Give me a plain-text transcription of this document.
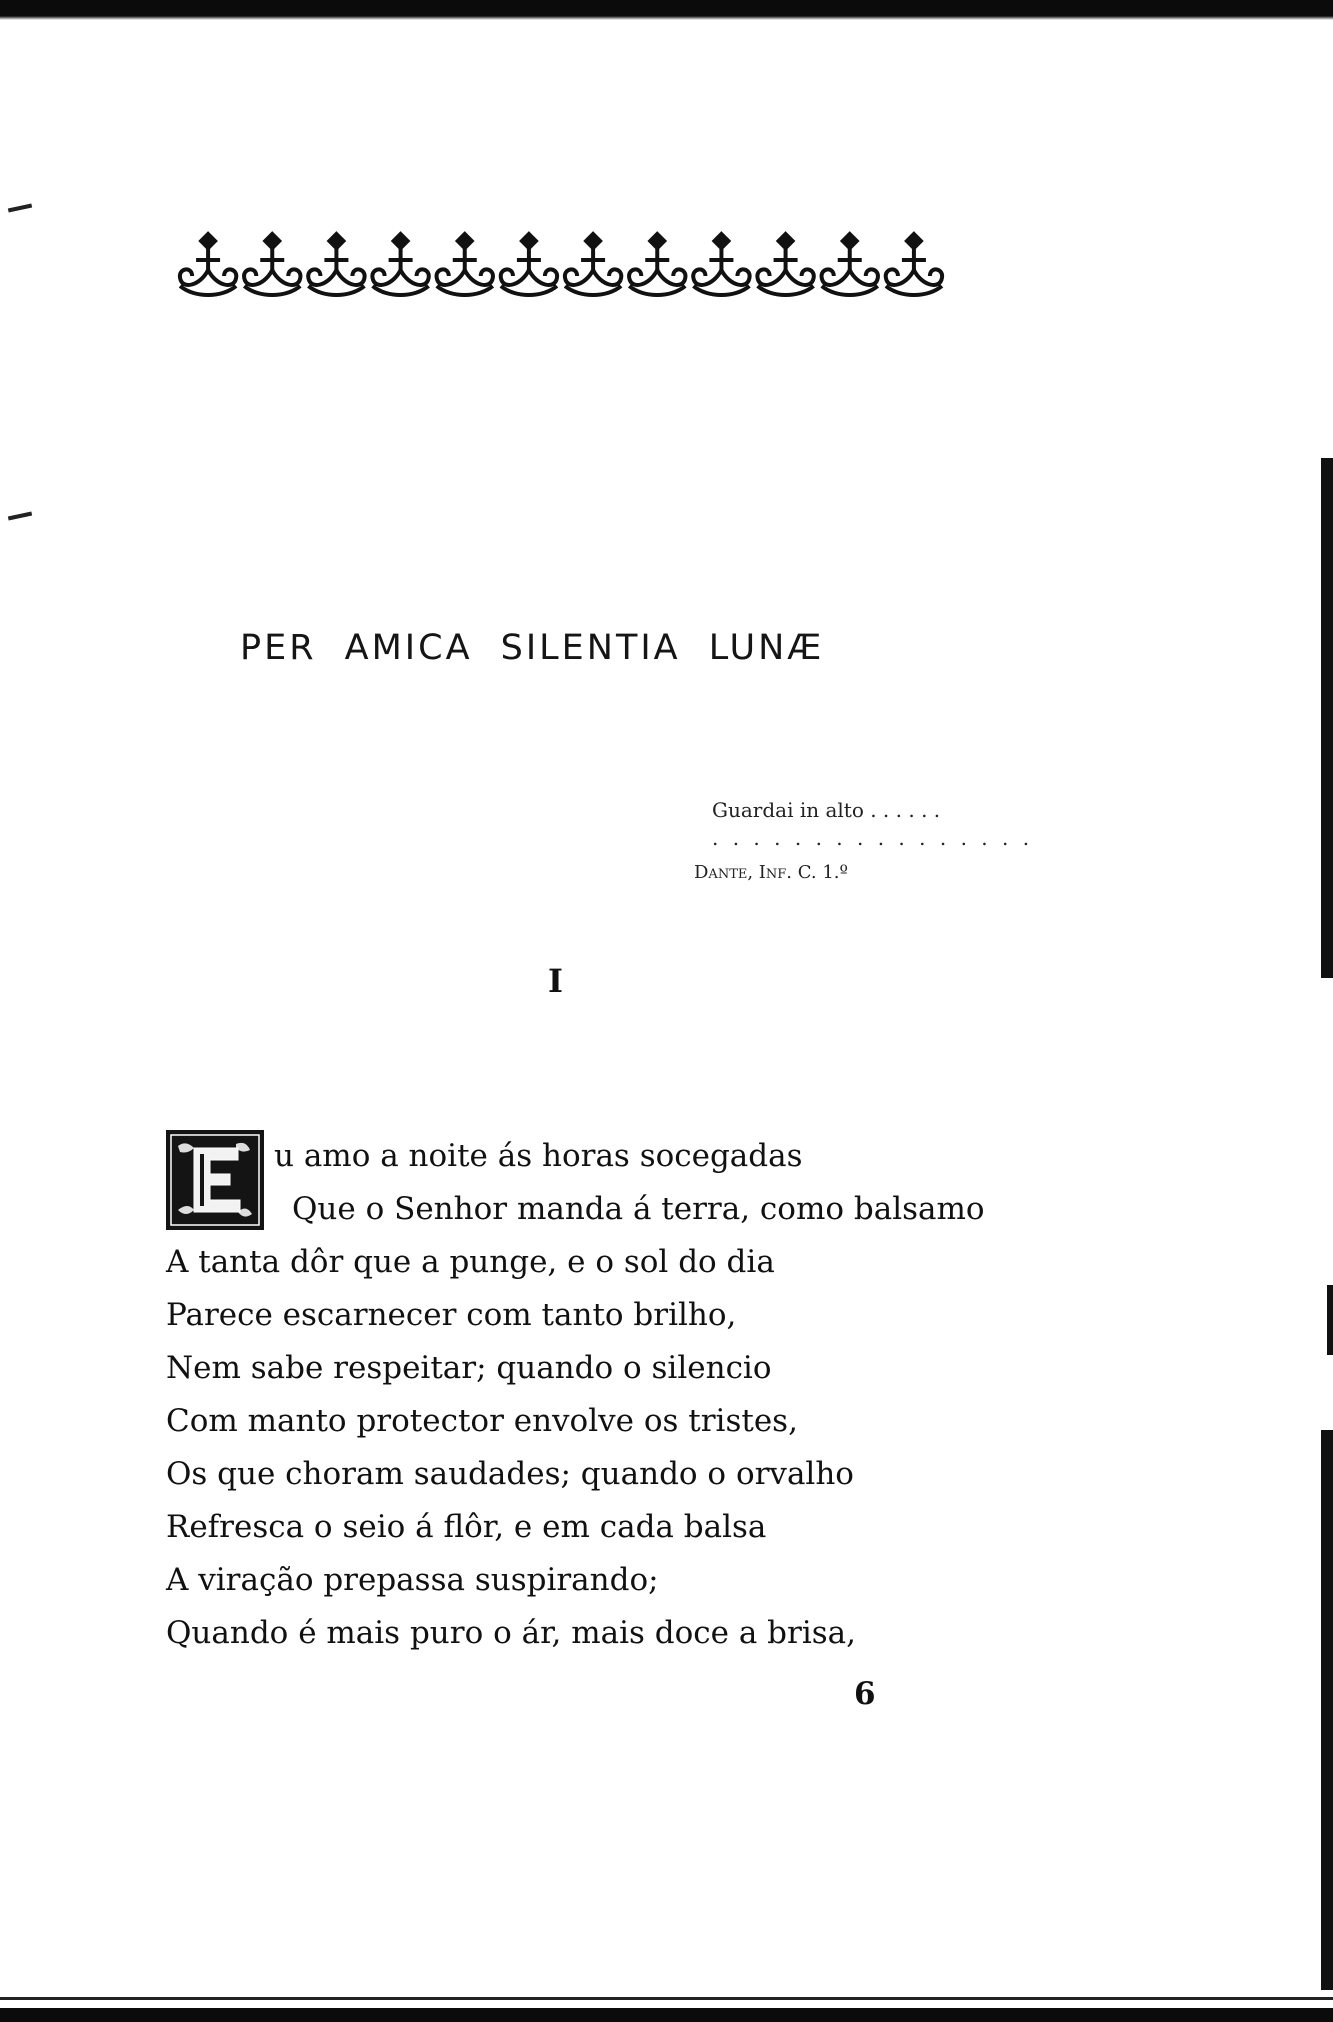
PER AMICA SILENTIA LUNÆ
Guardai in alto . . . . . .
. . . . . . . . . . . . . . . .
Dante, Inf. C. 1.º
I
u amo a noite ás horas socegadas
Que o Senhor manda á terra, como balsamo
A tanta dôr que a punge, e o sol do dia
Parece escarnecer com tanto brilho,
Nem sabe respeitar; quando o silencio
Com manto protector envolve os tristes,
Os que choram saudades; quando o orvalho
Refresca o seio á flôr, e em cada balsa
A viração prepassa suspirando;
Quando é mais puro o ár, mais doce a brisa,
6
